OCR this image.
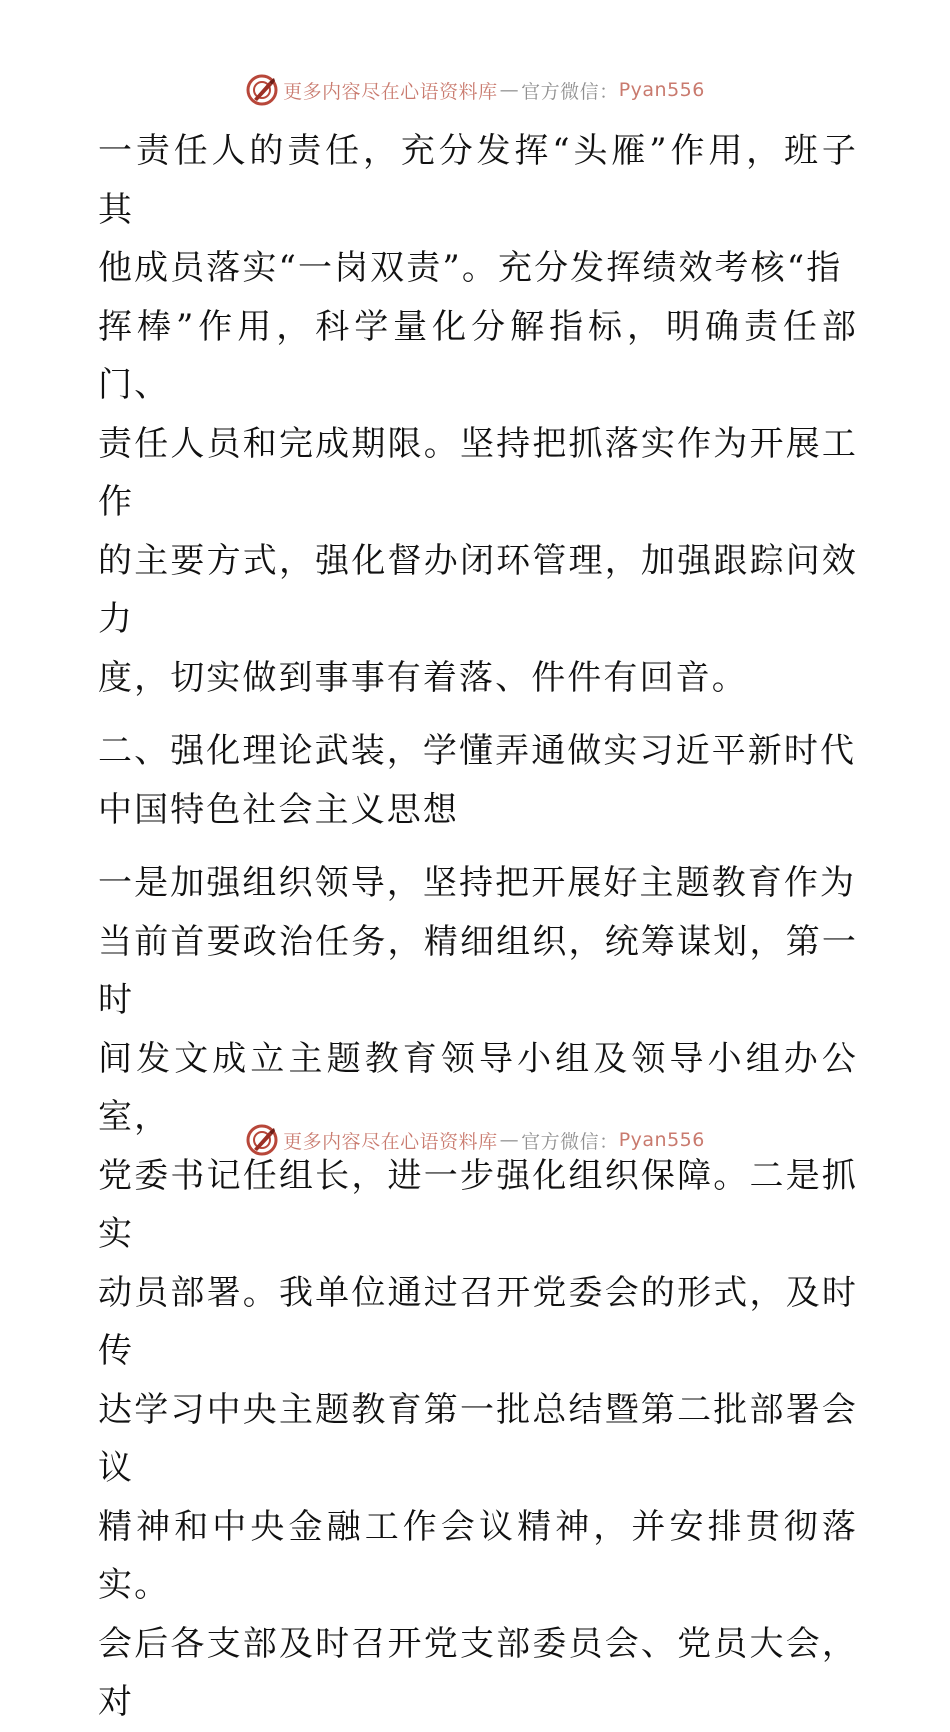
更多内容尽在心语资料库 — 官方微信： Pyan556

一责任人的责任，充分发挥“头雁”作用，班子其
他成员落实“一岗双责”。充分发挥绩效考核“指
挥棒”作用，科学量化分解指标，明确责任部门、
责任人员和完成期限。坚持把抓落实作为开展工作
的主要方式，强化督办闭环管理，加强跟踪问效力
度，切实做到事事有着落、件件有回音。

二、强化理论武装，学懂弄通做实习近平新时代
中国特色社会主义思想

一是加强组织领导，坚持把开展好主题教育作为
当前首要政治任务，精细组织，统筹谋划，第一时
间发文成立主题教育领导小组及领导小组办公室，
党委书记任组长，进一步强化组织保障。二是抓实
动员部署。我单位通过召开党委会的形式，及时传
达学习中央主题教育第一批总结暨第二批部署会议
精神和中央金融工作会议精神，并安排贯彻落实。
会后各支部及时召开党支部委员会、党员大会，对

更多内容尽在心语资料库 — 官方微信： Pyan556
